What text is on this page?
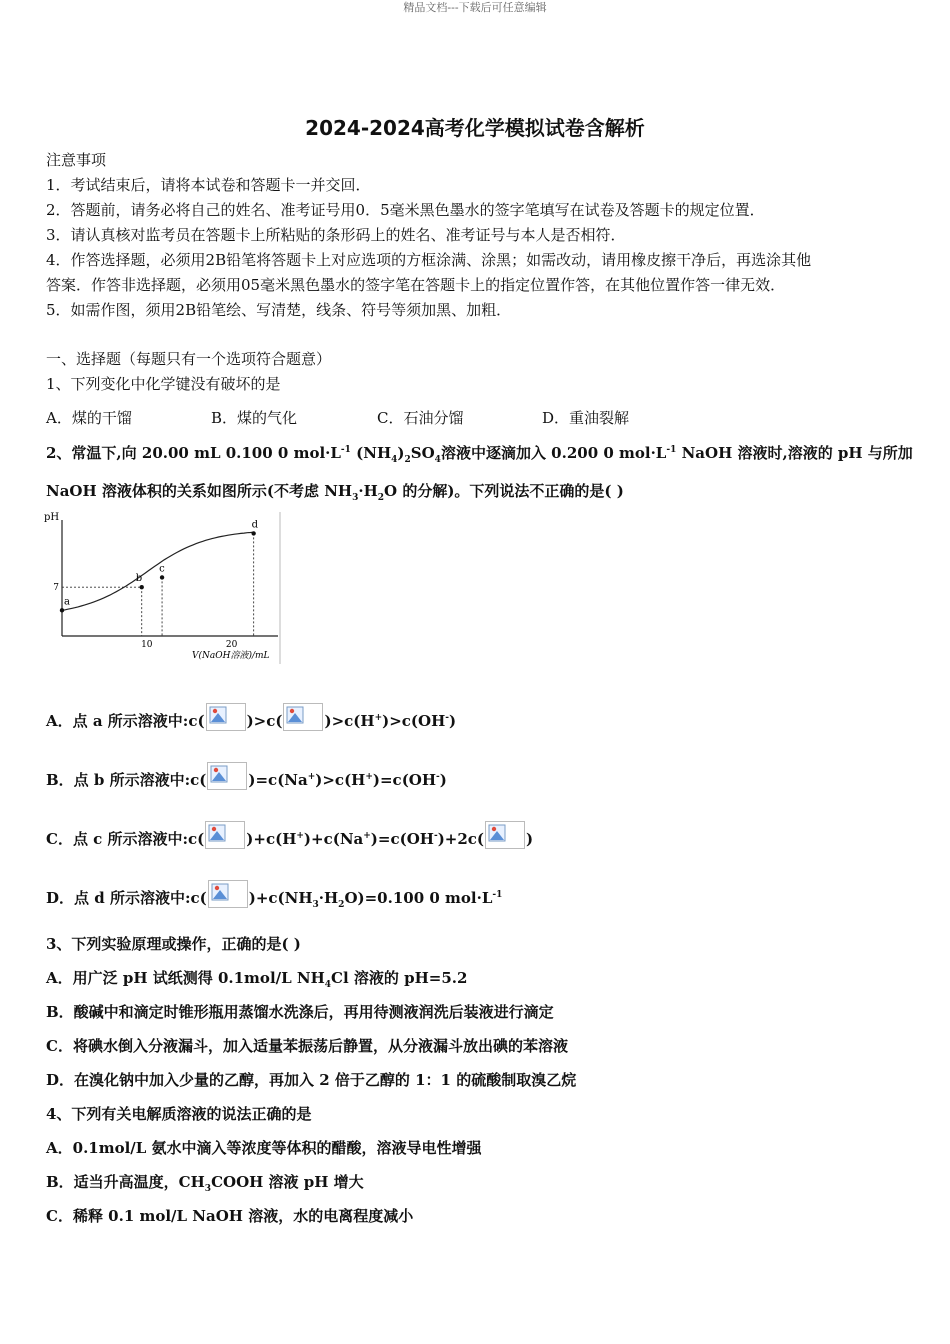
精品文档---下载后可任意编辑
2024-2024高考化学模拟试卷含解析
注意事项
1．考试结束后，请将本试卷和答题卡一并交回．
2．答题前，请务必将自己的姓名、准考证号用0．5毫米黑色墨水的签字笔填写在试卷及答题卡的规定位置．
3．请认真核对监考员在答题卡上所粘贴的条形码上的姓名、准考证号与本人是否相符．
4．作答选择题，必须用2B铅笔将答题卡上对应选项的方框涂满、涂黑；如需改动，请用橡皮擦干净后，再选涂其他
答案．作答非选择题，必须用05毫米黑色墨水的签字笔在答题卡上的指定位置作答，在其他位置作答一律无效．
5．如需作图，须用2B铅笔绘、写清楚，线条、符号等须加黑、加粗．
一、选择题（每题只有一个选项符合题意）
1、下列变化中化学键没有破坏的是
A．煤的干馏	B．煤的气化	C．石油分馏	D．重油裂解
2、常温下,向 20.00 mL 0.100 0 $mol\cdot L^{-1}$ $(NH_4)_2SO_4$溶液中逐滴加入 0.200 0 $mol\cdot L^{-1}$ NaOH 溶液时,溶液的 pH 与所加
NaOH 溶液体积的关系如图所示(不考虑 $NH_3\cdot H_2O$ 的分解)。下列说法不正确的是( )
pH
V(NaOH溶液)/mL
10	20
7
a
b
c
d
A．点 a 所示溶液中:c(	)>c(	)>c(H+)>c(OH-)
B．点 b 所示溶液中:c(	)=c(Na+)>c(H+)=c(OH-)
C．点 c 所示溶液中:c(	)+c(H+)+c(Na+)=c(OH-)+2c(	)
D．点 d 所示溶液中:c(	)$+c(NH_3\cdot H_2O)=0.100$ 0 $mol\cdot L^{-1}$
3、下列实验原理或操作，正确的是( )
A．用广泛 pH 试纸测得 0.1mol/L $NH_4Cl$ 溶液的 pH=5.2
B．酸碱中和滴定时锥形瓶用蒸馏水洗涤后，再用待测液润洗后装液进行滴定
C．将碘水倒入分液漏斗，加入适量苯振荡后静置，从分液漏斗放出碘的苯溶液
D．在溴化钠中加入少量的乙醇，再加入 2 倍于乙醇的 1：1 的硫酸制取溴乙烷
4、下列有关电解质溶液的说法正确的是
A．0.1mol/L 氨水中滴入等浓度等体积的醋酸，溶液导电性增强
B．适当升高温度，$CH_3COOH$ 溶液 pH 增大
C．稀释 0.1 mol/L NaOH 溶液，水的电离程度减小
